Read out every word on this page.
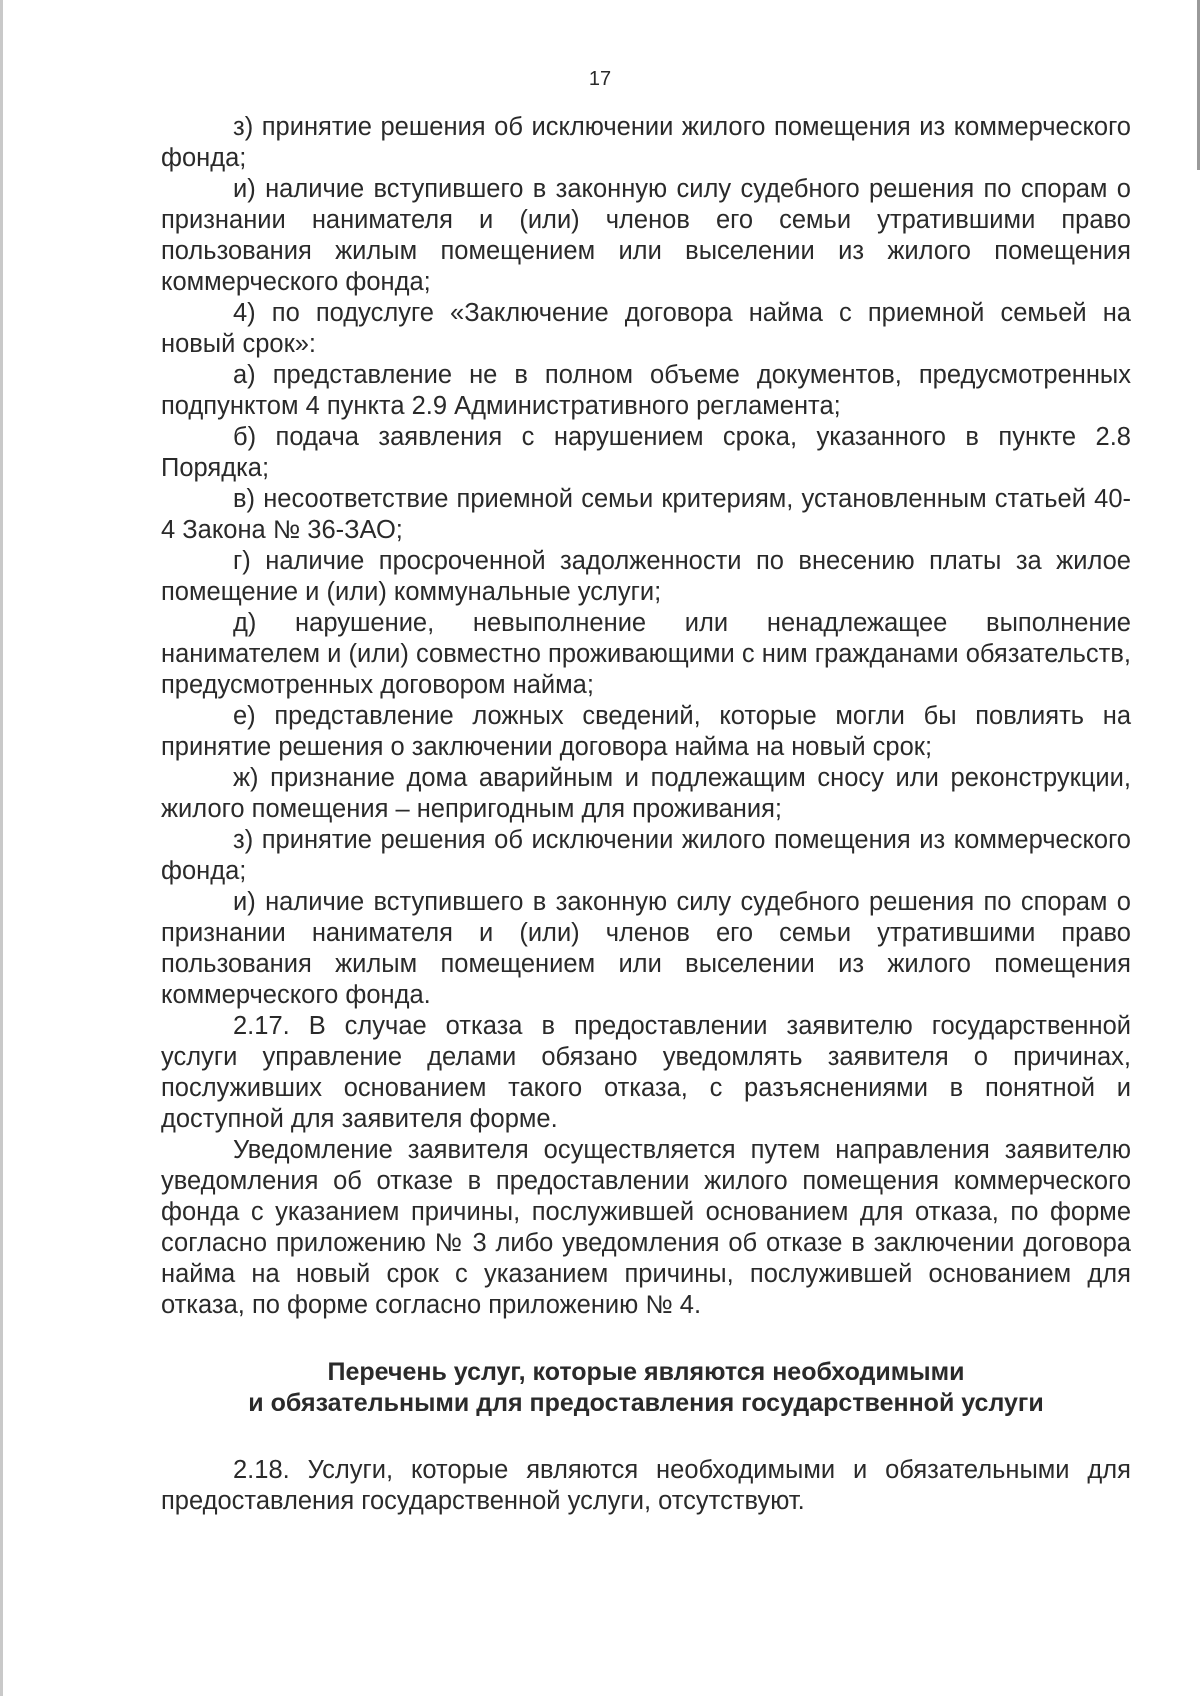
17

з) принятие решения об исключении жилого помещения из коммерческого фонда;

и) наличие вступившего в законную силу судебного решения по спорам о признании нанимателя и (или) членов его семьи утратившими право пользования жилым помещением или выселении из жилого помещения коммерческого фонда;

4) по подуслуге «Заключение договора найма с приемной семьей на новый срок»:

а) представление не в полном объеме документов, предусмотренных подпунктом 4 пункта 2.9 Административного регламента;

б) подача заявления с нарушением срока, указанного в пункте 2.8 Порядка;

в) несоответствие приемной семьи критериям, установленным статьей 40-4 Закона № 36-ЗАО;

г) наличие просроченной задолженности по внесению платы за жилое помещение и (или) коммунальные услуги;

д) нарушение, невыполнение или ненадлежащее выполнение нанимателем и (или) совместно проживающими с ним гражданами обязательств, предусмотренных договором найма;

е) представление ложных сведений, которые могли бы повлиять на принятие решения о заключении договора найма на новый срок;

ж) признание дома аварийным и подлежащим сносу или реконструкции, жилого помещения – непригодным для проживания;

з) принятие решения об исключении жилого помещения из коммерческого фонда;

и) наличие вступившего в законную силу судебного решения по спорам о признании нанимателя и (или) членов его семьи утратившими право пользования жилым помещением или выселении из жилого помещения коммерческого фонда.

2.17. В случае отказа в предоставлении заявителю государственной услуги управление делами обязано уведомлять заявителя о причинах, послуживших основанием такого отказа, с разъяснениями в понятной и доступной для заявителя форме.

Уведомление заявителя осуществляется путем направления заявителю уведомления об отказе в предоставлении жилого помещения коммерческого фонда с указанием причины, послужившей основанием для отказа, по форме согласно приложению № 3 либо уведомления об отказе в заключении договора найма на новый срок с указанием причины, послужившей основанием для отказа, по форме согласно приложению № 4.

Перечень услуг, которые являются необходимыми
и обязательными для предоставления государственной услуги

2.18. Услуги, которые являются необходимыми и обязательными для предоставления государственной услуги, отсутствуют.
